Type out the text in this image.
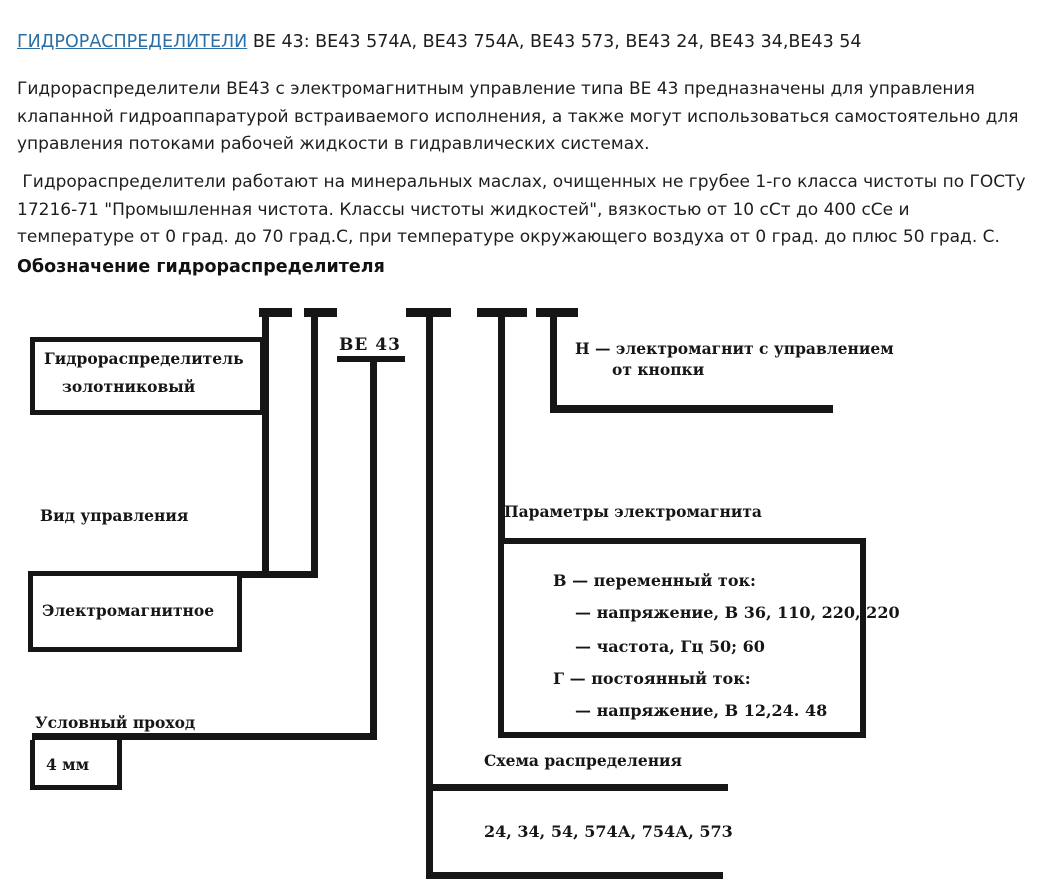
ГИДРОРАСПРЕДЕЛИТЕЛИ ВЕ 43: ВЕ43 574А, ВЕ43 754А, ВЕ43 573, ВЕ43 24, ВЕ43 34,ВЕ43 54

Гидрораспределители ВЕ43 с электромагнитным управление типа ВЕ 43 предназначены для управления клапанной гидроаппаратурой встраиваемого исполнения, а также могут использоваться самостоятельно для управления потоками рабочей жидкости в гидравлических системах.

Гидрораспределители работают на минеральных маслах, очищенных не грубее 1-го класса чистоты по ГОСТу 17216-71 "Промышленная чистота. Классы чистоты жидкостей", вязкостью от 10 сСт до 400 сСе и температуре от 0 град. до 70 град.С, при температуре окружающего воздуха от 0 град. до плюс 50 град. С.

Обозначение гидрораспределителя
ВЕ 43	Н — электромагнит с управлением
от кнопки
Гидрораспределитель
золотниковый
Вид управления
Электромагнитное
Параметры электромагнита
В — переменный ток:
— напряжение, В 36, 110, 220, 220
— частота, Гц 50; 60
Г — постоянный ток:
— напряжение, В 12,24. 48
Условный проход
4 мм	Схема распределения
24, 34, 54, 574А, 754А, 573
